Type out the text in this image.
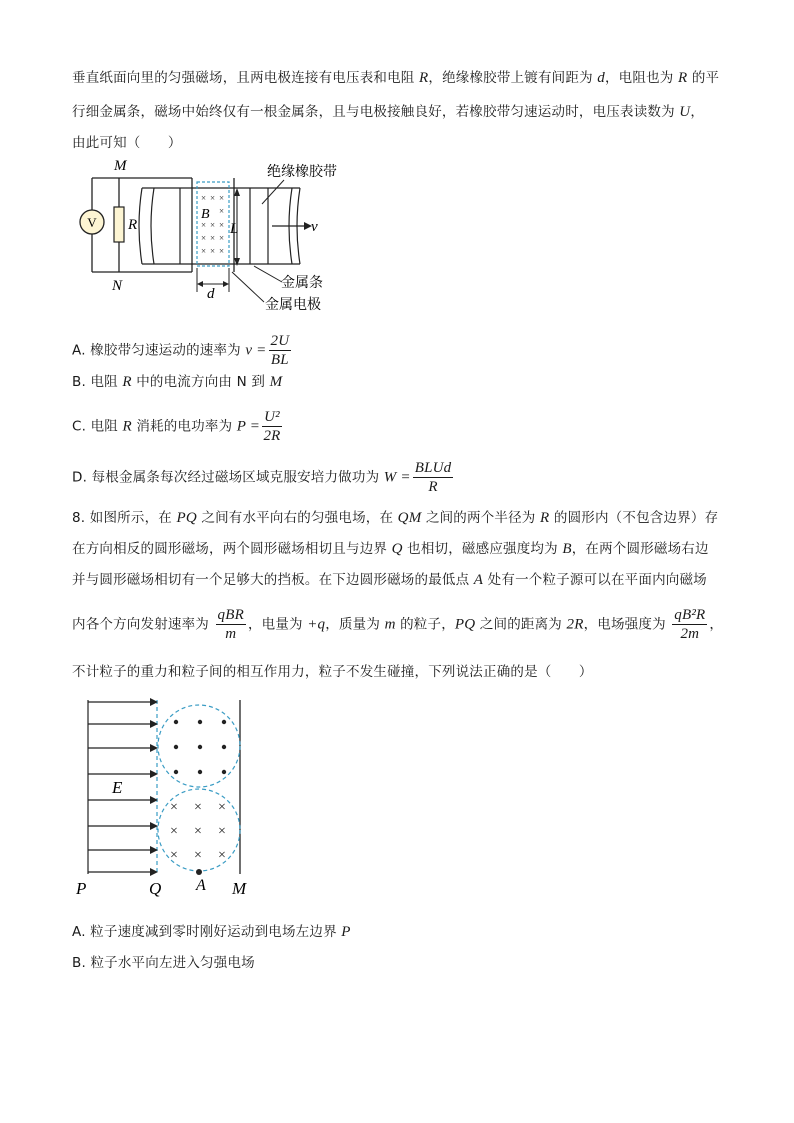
垂直纸面向里的匀强磁场，且两电极连接有电压表和电阻 R，绝缘橡胶带上镀有间距为 d，电阻也为 R 的平
行细金属条，磁场中始终仅有一根金属条，且与电极接触良好，若橡胶带匀速运动时，电压表读数为 U，
由此可知（　　）
V R
M
N
× × ×
×
× × ×
× × ×
× × ×
B
L	v
绝缘橡胶带
d
金属条
金属电极
A. 橡胶带匀速运动的速率为 $v = \frac{2U}{BL}$
B. 电阻 R 中的电流方向由 N 到 M
C. 电阻 R 消耗的电功率为 $P = \frac{\text{U²}}{2R}$
D. 每根金属条每次经过磁场区域克服安培力做功为 $W = \frac{\text{BLUd}}{R}$
8. 如图所示，在 PQ 之间有水平向右的匀强电场，在 QM 之间的两个半径为 R 的圆形内（不包含边界）存
在方向相反的圆形磁场，两个圆形磁场相切且与边界 Q 也相切，磁感应强度均为 B，在两个圆形磁场右边
并与圆形磁场相切有一个足够大的挡板。在下边圆形磁场的最低点 A 处有一个粒子源可以在平面内向磁场
内各个方向发射速率为 $\frac{\text{qBR}}{m}$ ，电量为 +q，质量为 m 的粒子，PQ 之间的距离为 2R，电场强度为 $\frac{\text{qB²R}}{2m}$ ，
不计粒子的重力和粒子间的相互作用力，粒子不发生碰撞，下列说法正确的是（　　）
× × ×
× × ×
× × ×
E
P	Q A M
A. 粒子速度减到零时刚好运动到电场左边界 P
B. 粒子水平向左进入匀强电场
